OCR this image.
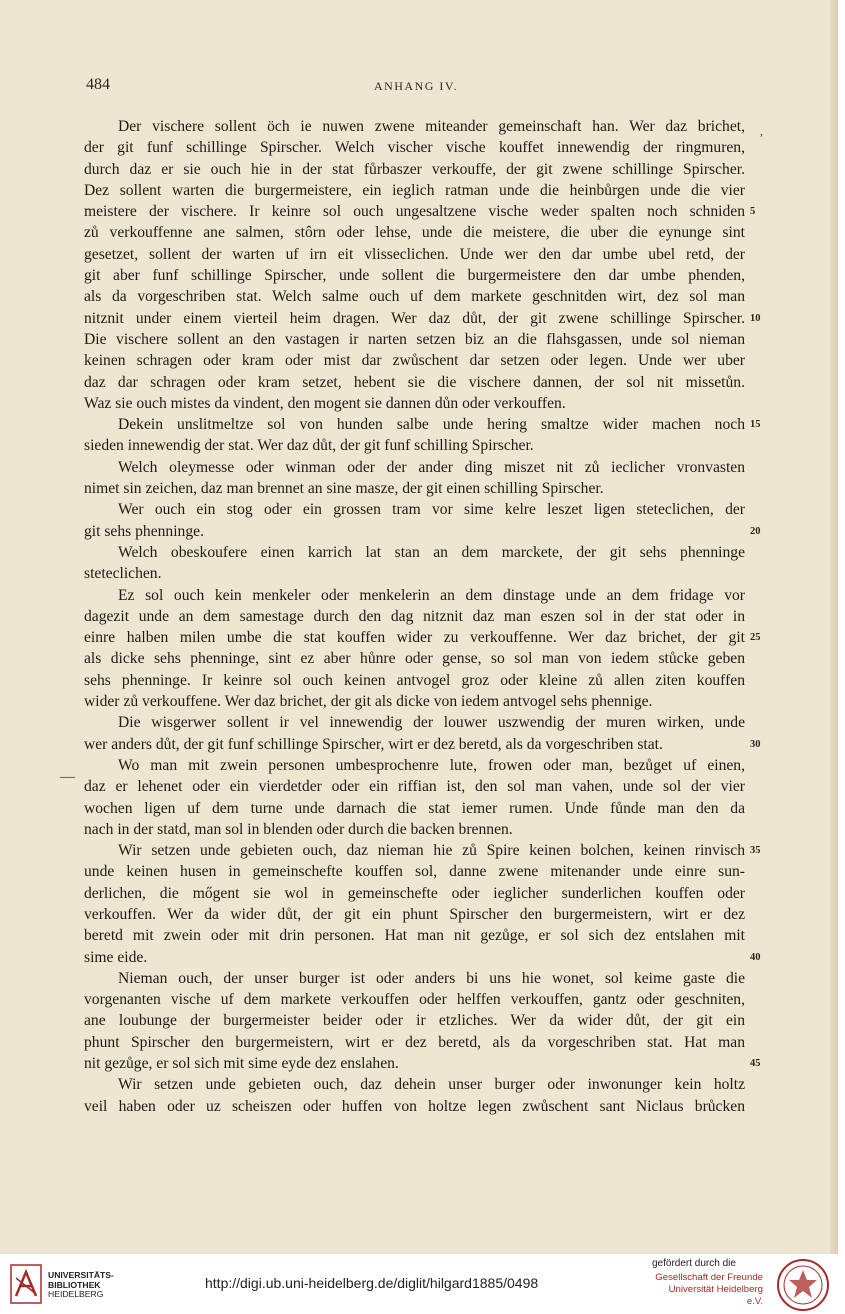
484	ANHANG IV.
Der vischere sollent öch ie nuwen zwene miteander gemeinschaft han. Wer daz brichet,
der git funf schillinge Spirscher. Welch vischer vische kouffet innewendig der ringmuren,
durch daz er sie ouch hie in der stat fůrbaszer verkouffe, der git zwene schillinge Spirscher.
Dez sollent warten die burgermeistere, ein ieglich ratman unde die heinbůrgen unde die vier
meistere der vischere. Ir keinre sol ouch ungesaltzene vische weder spalten noch schniden
zů verkouffenne ane salmen, stôrn oder lehse, unde die meistere, die uber die eynunge sint
gesetzet, sollent der warten uf irn eit vlisseclichen. Unde wer den dar umbe ubel retd, der
git aber funf schillinge Spirscher, unde sollent die burgermeistere den dar umbe phenden,
als da vorgeschriben stat. Welch salme ouch uf dem markete geschnitden wirt, dez sol man
nitznit under einem vierteil heim dragen. Wer daz důt, der git zwene schillinge Spirscher.
Die vischere sollent an den vastagen ir narten setzen biz an die flahsgassen, unde sol nieman
keinen schragen oder kram oder mist dar zwůschent dar setzen oder legen. Unde wer uber
daz dar schragen oder kram setzet, hebent sie die vischere dannen, der sol nit missetůn.
Waz sie ouch mistes da vindent, den mogent sie dannen důn oder verkouffen.
Dekein unslitmeltze sol von hunden salbe unde hering smaltze wider machen noch
sieden innewendig der stat. Wer daz důt, der git funf schilling Spirscher.
Welch oleymesse oder winman oder der ander ding miszet nit zů ieclicher vronvasten
nimet sin zeichen, daz man brennet an sine masze, der git einen schilling Spirscher.
Wer ouch ein stog oder ein grossen tram vor sime kelre leszet ligen steteclichen, der
git sehs phenninge.
Welch obeskoufere einen karrich lat stan an dem marckete, der git sehs phenninge
steteclichen.
Ez sol ouch kein menkeler oder menkelerin an dem dinstage unde an dem fridage vor
dagezit unde an dem samestage durch den dag nitznit daz man eszen sol in der stat oder in
einre halben milen umbe die stat kouffen wider zu verkouffenne. Wer daz brichet, der git
als dicke sehs phenninge, sint ez aber hůnre oder gense, so sol man von iedem stůcke geben
sehs phenninge. Ir keinre sol ouch keinen antvogel groz oder kleine zů allen ziten kouffen
wider zů verkouffene. Wer daz brichet, der git als dicke von iedem antvogel sehs phennige.
Die wisgerwer sollent ir vel innewendig der louwer uszwendig der muren wirken, unde
wer anders důt, der git funf schillinge Spirscher, wirt er dez beretd, als da vorgeschriben stat.
Wo man mit zwein personen umbesprochenre lute, frowen oder man, bezůget uf einen,
daz er lehenet oder ein vierdetder oder ein riffian ist, den sol man vahen, unde sol der vier
wochen ligen uf dem turne unde darnach die stat iemer rumen. Unde fůnde man den da
nach in der statd, man sol in blenden oder durch die backen brennen.
Wir setzen unde gebieten ouch, daz nieman hie zů Spire keinen bolchen, keinen rinvisch
unde keinen husen in gemeinschefte kouffen sol, danne zwene mitenander unde einre sun-
derlichen, die mőgent sie wol in gemeinschefte oder ieglicher sunderlichen kouffen oder
verkouffen. Wer da wider důt, der git ein phunt Spirscher den burgermeistern, wirt er dez
beretd mit zwein oder mit drin personen. Hat man nit gezůge, er sol sich dez entslahen mit
sime eide.
Nieman ouch, der unser burger ist oder anders bi uns hie wonet, sol keime gaste die
vorgenanten vische uf dem markete verkouffen oder helffen verkouffen, gantz oder geschniten,
ane loubunge der burgermeister beider oder ir etzliches. Wer da wider důt, der git ein
phunt Spirscher den burgermeistern, wirt er dez beretd, als da vorgeschriben stat. Hat man
nit gezůge, er sol sich mit sime eyde dez enslahen.
Wir setzen unde gebieten ouch, daz dehein unser burger oder inwonunger kein holtz
veil haben oder uz scheiszen oder huffen von holtze legen zwůschent sant Niclaus brůcken
5
10
15
20
25
30
35
40
45
—
,
UNIVERSITÄTS-
BIBLIOTHEK
HEIDELBERG
http://digi.ub.uni-heidelberg.de/diglit/hilgard1885/0498
gefördert durch die
Gesellschaft der Freunde
Universität Heidelberg e.V.
